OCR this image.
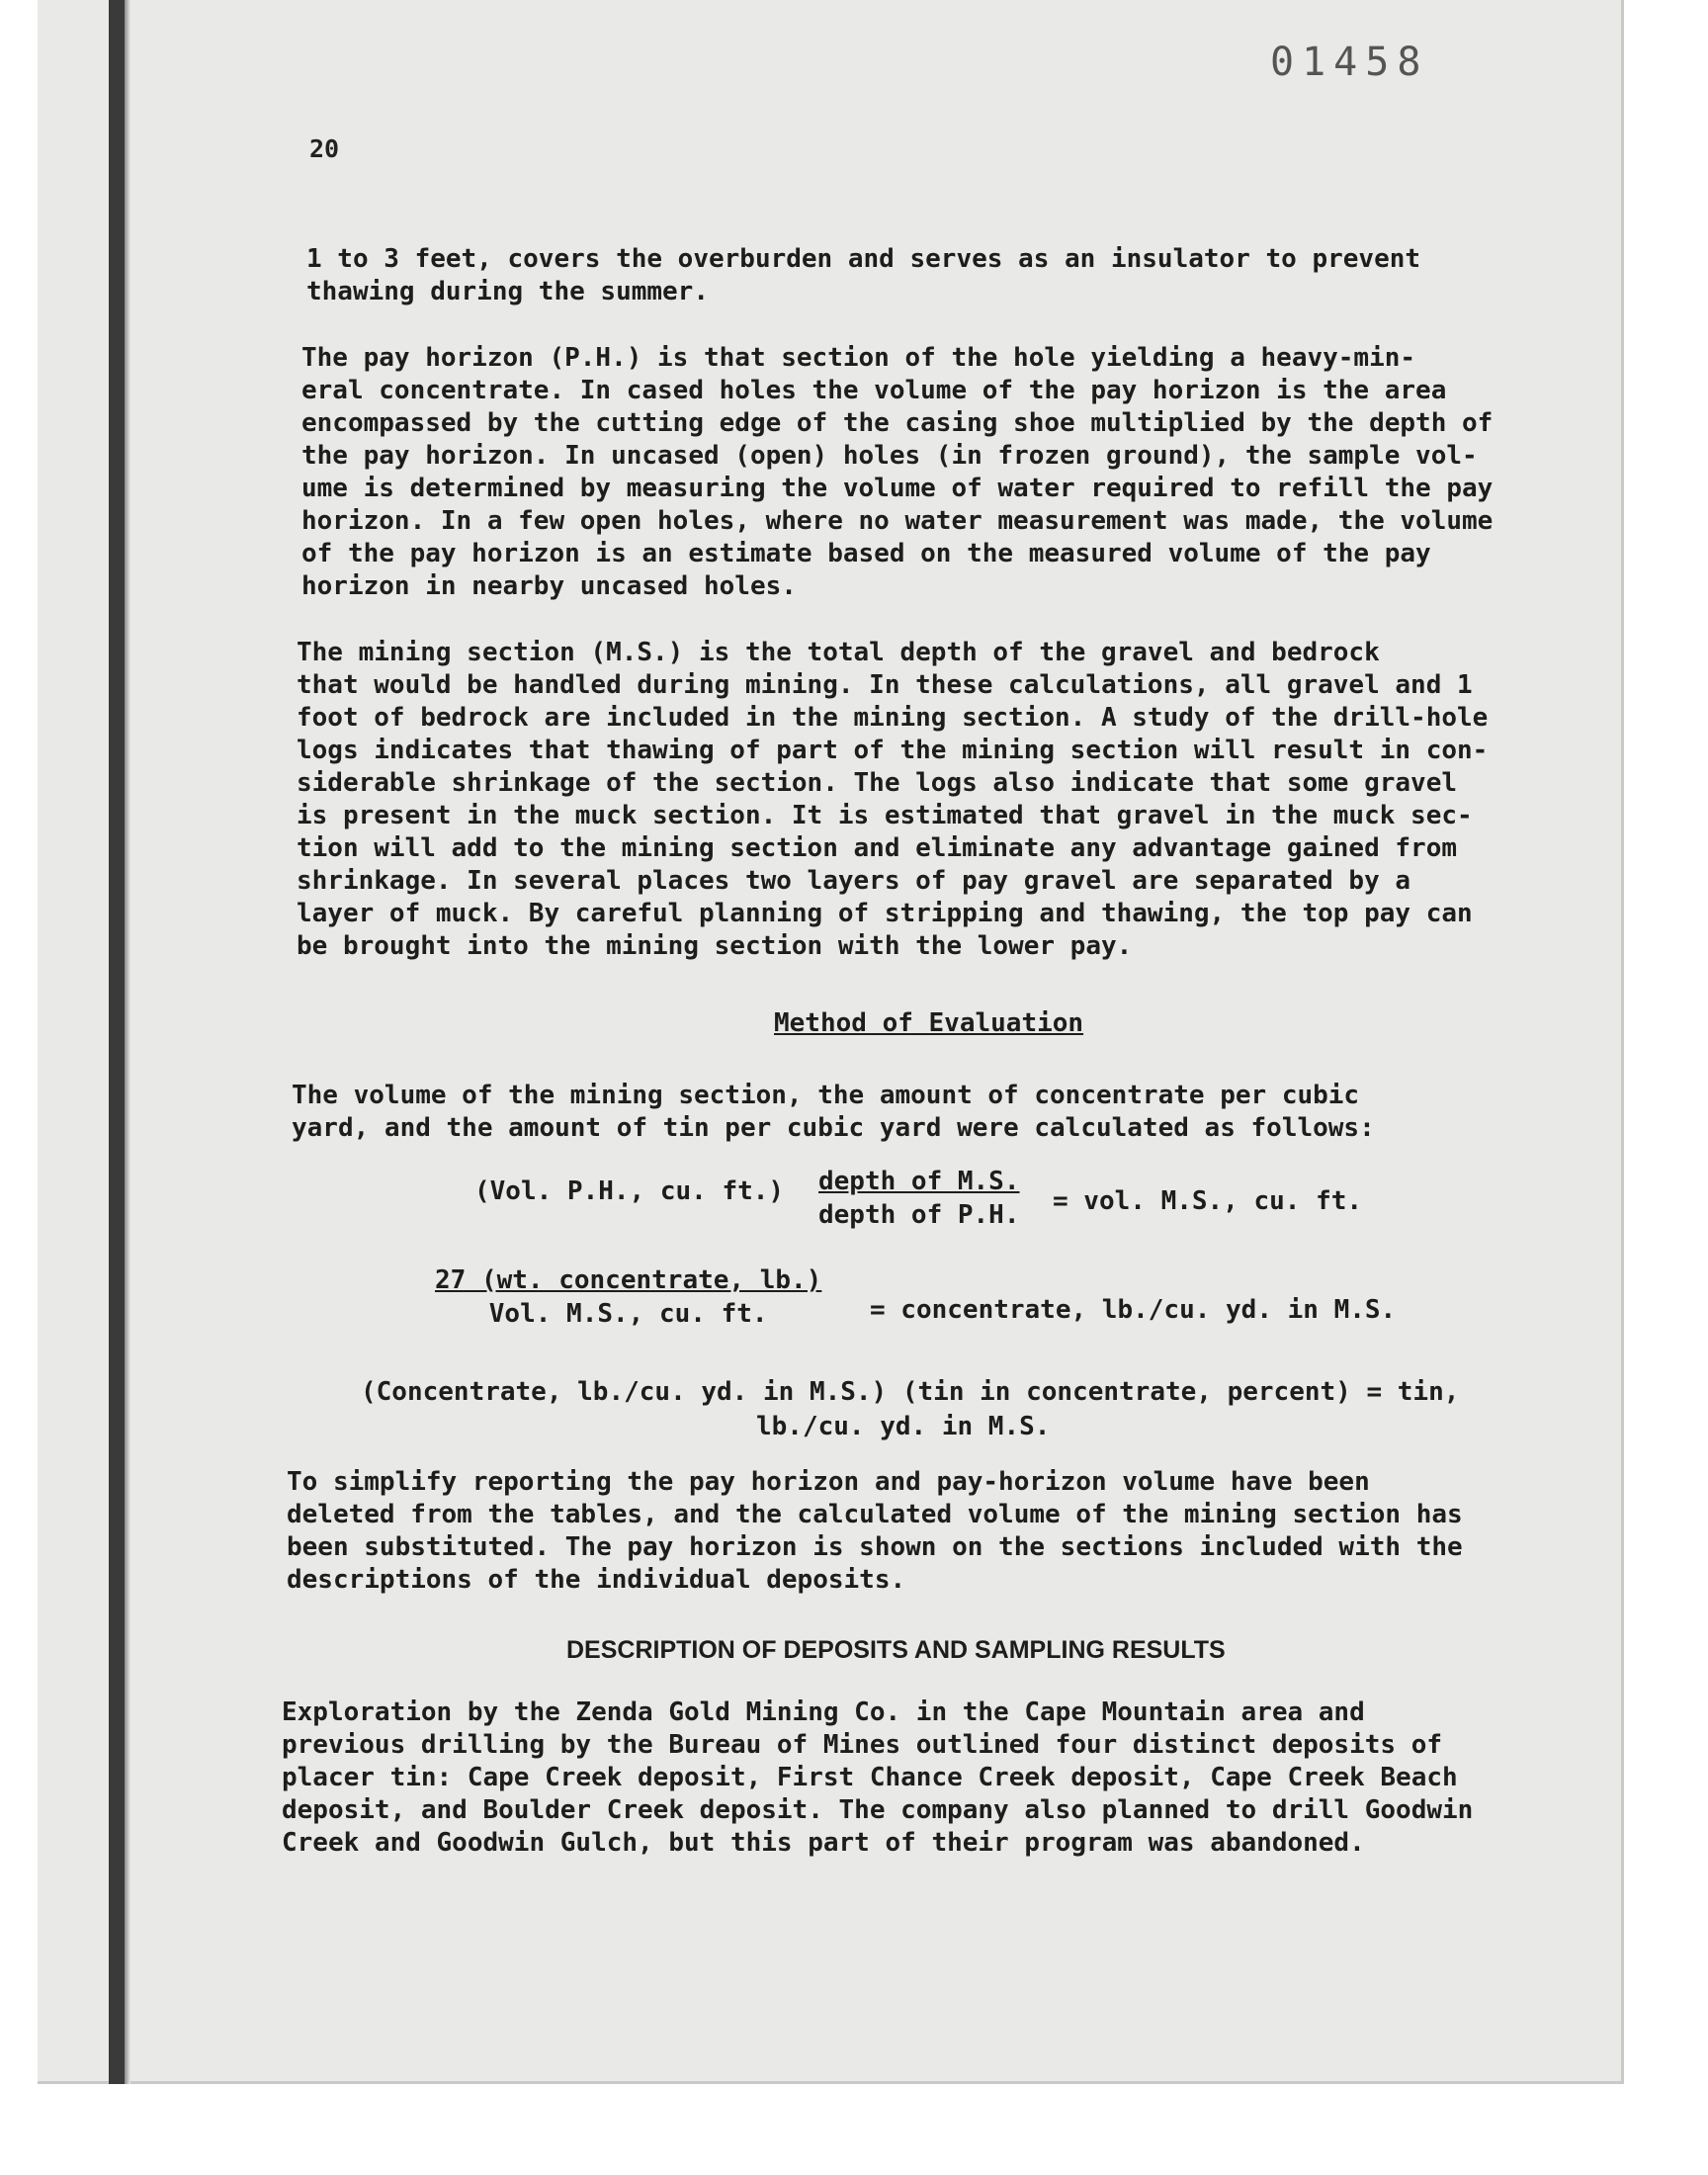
01458
20

1 to 3 feet, covers the overburden and serves as an insulator to prevent
thawing during the summer.

The pay horizon (P.H.) is that section of the hole yielding a heavy-min-
eral concentrate. In cased holes the volume of the pay horizon is the area
encompassed by the cutting edge of the casing shoe multiplied by the depth of
the pay horizon. In uncased (open) holes (in frozen ground), the sample vol-
ume is determined by measuring the volume of water required to refill the pay
horizon. In a few open holes, where no water measurement was made, the volume
of the pay horizon is an estimate based on the measured volume of the pay
horizon in nearby uncased holes.

The mining section (M.S.) is the total depth of the gravel and bedrock
that would be handled during mining. In these calculations, all gravel and 1
foot of bedrock are included in the mining section. A study of the drill-hole
logs indicates that thawing of part of the mining section will result in con-
siderable shrinkage of the section. The logs also indicate that some gravel
is present in the muck section. It is estimated that gravel in the muck sec-
tion will add to the mining section and eliminate any advantage gained from
shrinkage. In several places two layers of pay gravel are separated by a
layer of muck. By careful planning of stripping and thawing, the top pay can
be brought into the mining section with the lower pay.

Method of Evaluation

The volume of the mining section, the amount of concentrate per cubic
yard, and the amount of tin per cubic yard were calculated as follows:

(Vol. P.H., cu. ft.) depth of M.S.
depth of P.H. = vol. M.S., cu. ft.
27 (wt. concentrate, lb.)
Vol. M.S., cu. ft.	= concentrate, lb./cu. yd. in M.S.
(Concentrate, lb./cu. yd. in M.S.) (tin in concentrate, percent) = tin,
lb./cu. yd. in M.S.

To simplify reporting the pay horizon and pay-horizon volume have been
deleted from the tables, and the calculated volume of the mining section has
been substituted. The pay horizon is shown on the sections included with the
descriptions of the individual deposits.

DESCRIPTION OF DEPOSITS AND SAMPLING RESULTS

Exploration by the Zenda Gold Mining Co. in the Cape Mountain area and
previous drilling by the Bureau of Mines outlined four distinct deposits of
placer tin: Cape Creek deposit, First Chance Creek deposit, Cape Creek Beach
deposit, and Boulder Creek deposit. The company also planned to drill Goodwin
Creek and Goodwin Gulch, but this part of their program was abandoned.
